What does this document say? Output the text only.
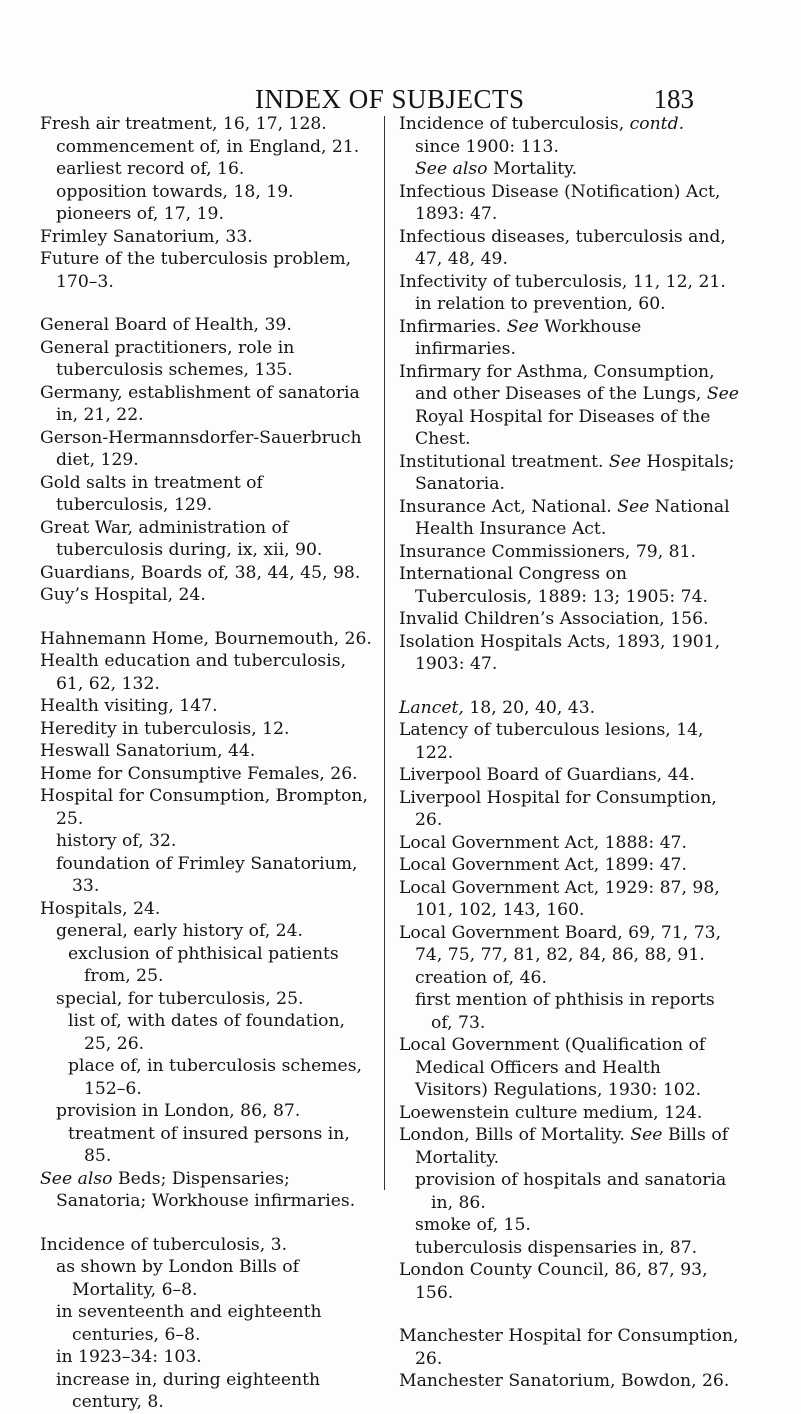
INDEX OF SUBJECTS	183

Fresh air treatment, 16, 17, 128.

commencement of, in England, 21.

earliest record of, 16.

opposition towards, 18, 19.

pioneers of, 17, 19.

Frimley Sanatorium, 33.

Future of the tuberculosis problem, 170–3.

General Board of Health, 39.

General practitioners, role in tuberculosis schemes, 135.

Germany, establishment of sanatoria in, 21, 22.

Gerson-Hermannsdorfer-Sauerbruch diet, 129.

Gold salts in treatment of tuberculosis, 129.

Great War, administration of tuberculosis during, ix, xii, 90.

Guardians, Boards of, 38, 44, 45, 98.

Guy’s Hospital, 24.

Hahnemann Home, Bournemouth, 26.

Health education and tuberculosis, 61, 62, 132.

Health visiting, 147.

Heredity in tuberculosis, 12.

Heswall Sanatorium, 44.

Home for Consumptive Females, 26.

Hospital for Consumption, Brompton, 25.

history of, 32.

foundation of Frimley Sanatorium, 33.

Hospitals, 24.

general, early history of, 24.

exclusion of phthisical patients from, 25.

special, for tuberculosis, 25.

list of, with dates of foundation, 25, 26.

place of, in tuberculosis schemes, 152–6.

provision in London, 86, 87.

treatment of insured persons in, 85.

See also Beds; Dispensaries; Sanatoria; Workhouse infirmaries.

Incidence of tuberculosis, 3.

as shown by London Bills of Mortality, 6–8.

in seventeenth and eighteenth centuries, 6–8.

in 1923–34: 103.

increase in, during eighteenth century, 8.

Incidence of tuberculosis, contd.

since 1900: 113.

See also Mortality.

Infectious Disease (Notification) Act, 1893: 47.

Infectious diseases, tuberculosis and, 47, 48, 49.

Infectivity of tuberculosis, 11, 12, 21.

in relation to prevention, 60.

Infirmaries. See Workhouse infirmaries.

Infirmary for Asthma, Consumption, and other Diseases of the Lungs, See Royal Hospital for Diseases of the Chest.

Institutional treatment. See Hospitals; Sanatoria.

Insurance Act, National. See National Health Insurance Act.

Insurance Commissioners, 79, 81.

International Congress on Tuberculosis, 1889: 13; 1905: 74.

Invalid Children’s Association, 156.

Isolation Hospitals Acts, 1893, 1901, 1903: 47.

Lancet, 18, 20, 40, 43.

Latency of tuberculous lesions, 14, 122.

Liverpool Board of Guardians, 44.

Liverpool Hospital for Consumption, 26.

Local Government Act, 1888: 47.

Local Government Act, 1899: 47.

Local Government Act, 1929: 87, 98, 101, 102, 143, 160.

Local Government Board, 69, 71, 73, 74, 75, 77, 81, 82, 84, 86, 88, 91.

creation of, 46.

first mention of phthisis in reports of, 73.

Local Government (Qualification of Medical Officers and Health Visitors) Regulations, 1930: 102.

Loewenstein culture medium, 124.

London, Bills of Mortality. See Bills of Mortality.

provision of hospitals and sanatoria in, 86.

smoke of, 15.

tuberculosis dispensaries in, 87.

London County Council, 86, 87, 93, 156.

Manchester Hospital for Consumption, 26.

Manchester Sanatorium, Bowdon, 26.
